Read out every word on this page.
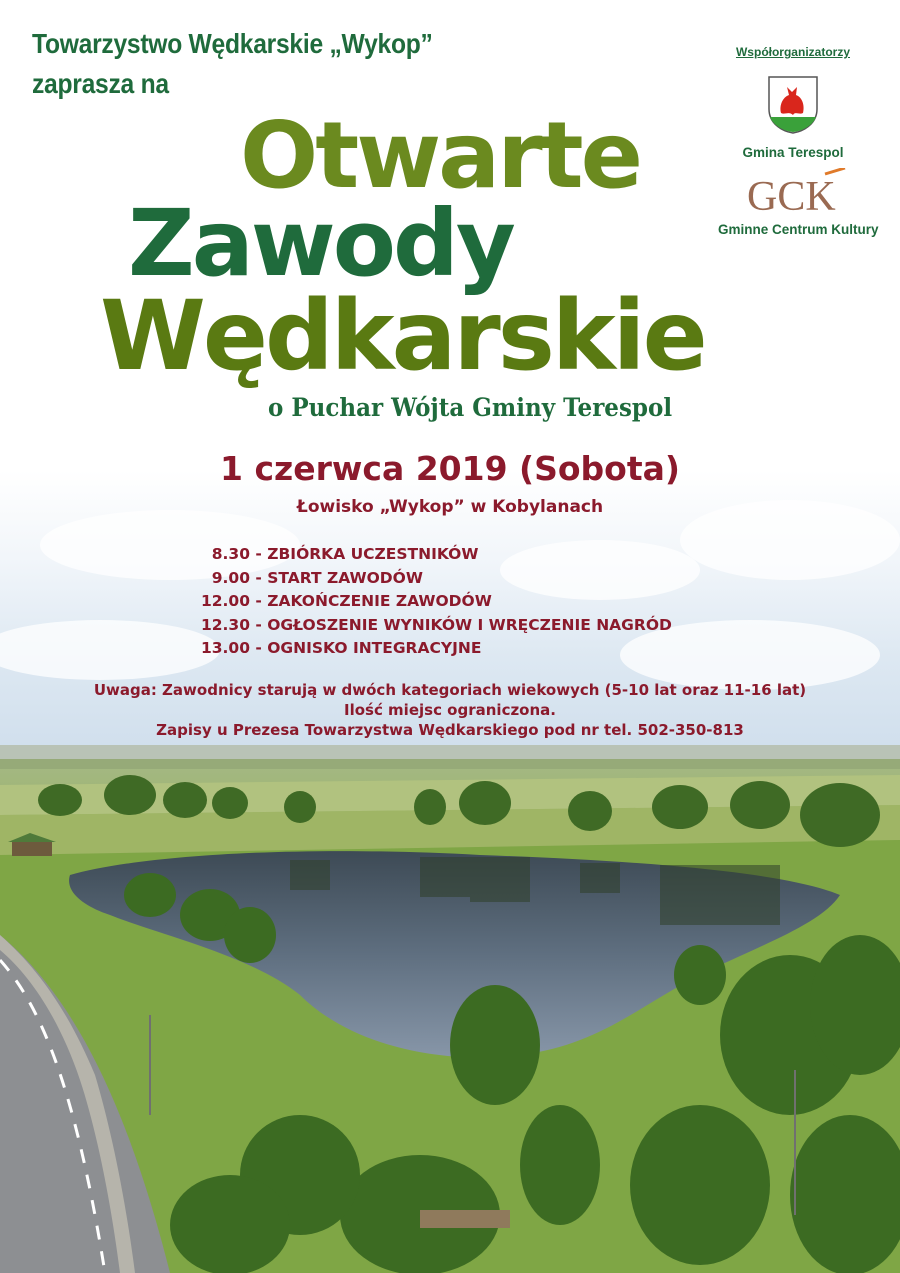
Towarzystwo Wędkarskie „Wykop”
zaprasza na
Współorganizatorzy
Gmina Terespol
GCK
Gminne Centrum Kultury
Otwarte
Zawody
Wędkarskie
o Puchar Wójta Gminy Terespol
1 czerwca 2019 (Sobota)
Łowisko „Wykop” w Kobylanach
8.30 - ZBIÓRKA UCZESTNIKÓW
9.00 - START ZAWODÓW
12.00 - ZAKOŃCZENIE ZAWODÓW
12.30 - OGŁOSZENIE WYNIKÓW I WRĘCZENIE NAGRÓD
13.00 - OGNISKO INTEGRACYJNE
Uwaga: Zawodnicy starują w dwóch kategoriach wiekowych (5-10 lat oraz 11-16 lat)
Ilość miejsc ograniczona.
Zapisy u Prezesa Towarzystwa Wędkarskiego pod nr tel. 502-350-813
